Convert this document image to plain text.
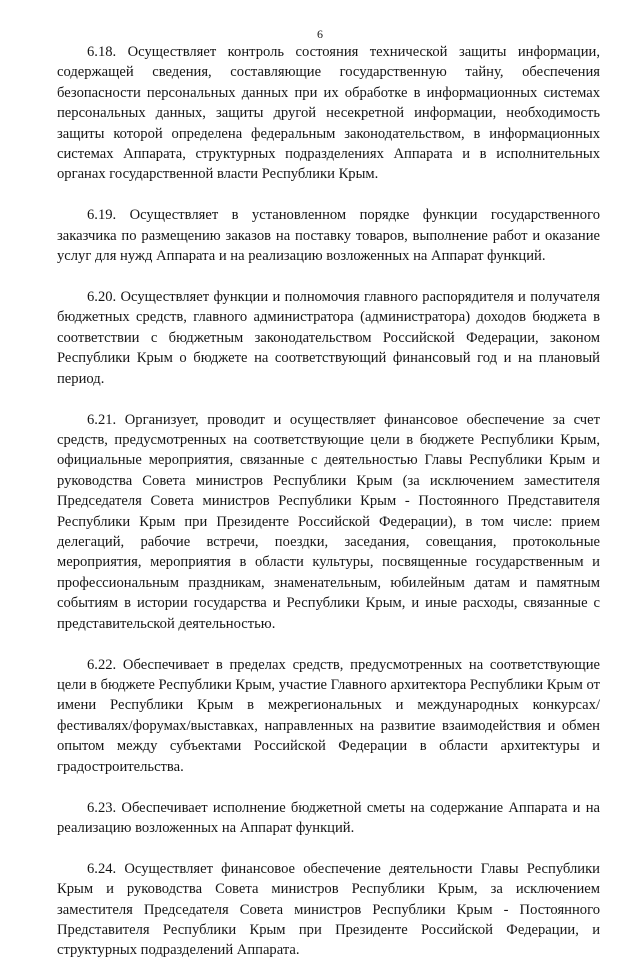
6

6.18. Осуществляет контроль состояния технической защиты информации, содержащей сведения, составляющие государственную тайну, обеспечения безопасности персональных данных при их обработке в информационных системах персональных данных, защиты другой несекретной информации, необходимость защиты которой определена федеральным законодательством, в информационных системах Аппарата, структурных подразделениях Аппарата и в исполнительных органах государственной власти Республики Крым.

6.19. Осуществляет в установленном порядке функции государственного заказчика по размещению заказов на поставку товаров, выполнение работ и оказание услуг для нужд Аппарата и на реализацию возложенных на Аппарат функций.

6.20. Осуществляет функции и полномочия главного распорядителя и получателя бюджетных средств, главного администратора (администратора) доходов бюджета в соответствии с бюджетным законодательством Российской Федерации, законом Республики Крым о бюджете на соответствующий финансовый год и на плановый период.

6.21. Организует, проводит и осуществляет финансовое обеспечение за счет средств, предусмотренных на соответствующие цели в бюджете Республики Крым, официальные мероприятия, связанные с деятельностью Главы Республики Крым и руководства Совета министров Республики Крым (за исключением заместителя Председателя Совета министров Республики Крым - Постоянного Представителя Республики Крым при Президенте Российской Федерации), в том числе: прием делегаций, рабочие встречи, поездки, заседания, совещания, протокольные мероприятия, мероприятия в области культуры, посвященные государственным и профессиональным праздникам, знаменательным, юбилейным датам и памятным событиям в истории государства и Республики Крым, и иные расходы, связанные с представительской деятельностью.

6.22. Обеспечивает в пределах средств, предусмотренных на соответствующие цели в бюджете Республики Крым, участие Главного архитектора Республики Крым от имени Республики Крым в межрегиональных и международных конкурсах/фестивалях/форумах/выставках, направленных на развитие взаимодействия и обмен опытом между субъектами Российской Федерации в области архитектуры и градостроительства.

6.23. Обеспечивает исполнение бюджетной сметы на содержание Аппарата и на реализацию возложенных на Аппарат функций.

6.24. Осуществляет финансовое обеспечение деятельности Главы Республики Крым и руководства Совета министров Республики Крым, за исключением заместителя Председателя Совета министров Республики Крым - Постоянного Представителя Республики Крым при Президенте Российской Федерации, и структурных подразделений Аппарата.
